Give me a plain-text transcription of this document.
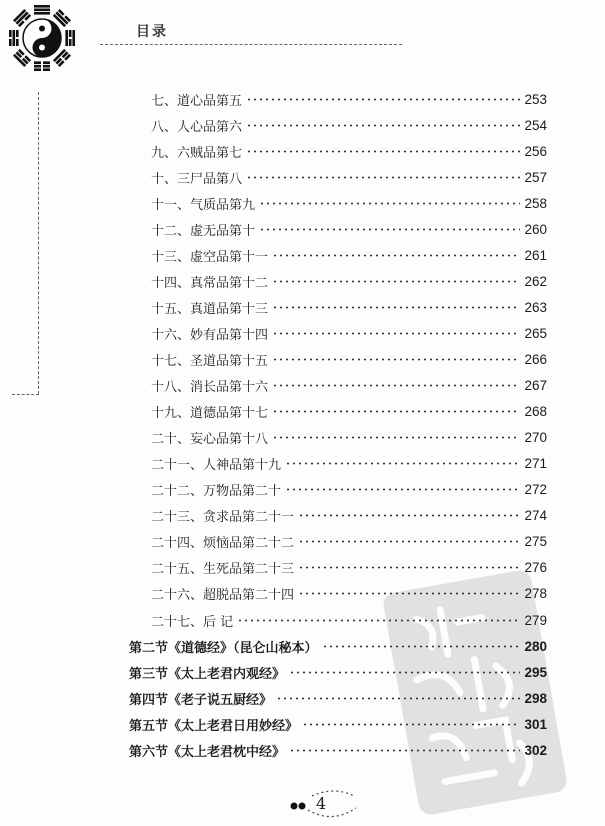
目录
七、道心品第五	253
八、人心品第六	254
九、六贼品第七	256
十、三尸品第八	257
十一、气质品第九	258
十二、虚无品第十	260
十三、虚空品第十一	261
十四、真常品第十二	262
十五、真道品第十三	263
十六、妙有品第十四	265
十七、圣道品第十五	266
十八、消长品第十六	267
十九、道德品第十七	268
二十、妄心品第十八	270
二十一、人神品第十九	271
二十二、万物品第二十	272
二十三、贪求品第二十一	274
二十四、烦恼品第二十二	275
二十五、生死品第二十三	276
二十六、超脱品第二十四	278
二十七、后 记	279
第二节《道德经》（昆仑山秘本）	280
第三节《太上老君内观经》	295
第四节《老子说五厨经》	298
第五节《太上老君日用妙经》	301
第六节《太上老君枕中经》	302
4
